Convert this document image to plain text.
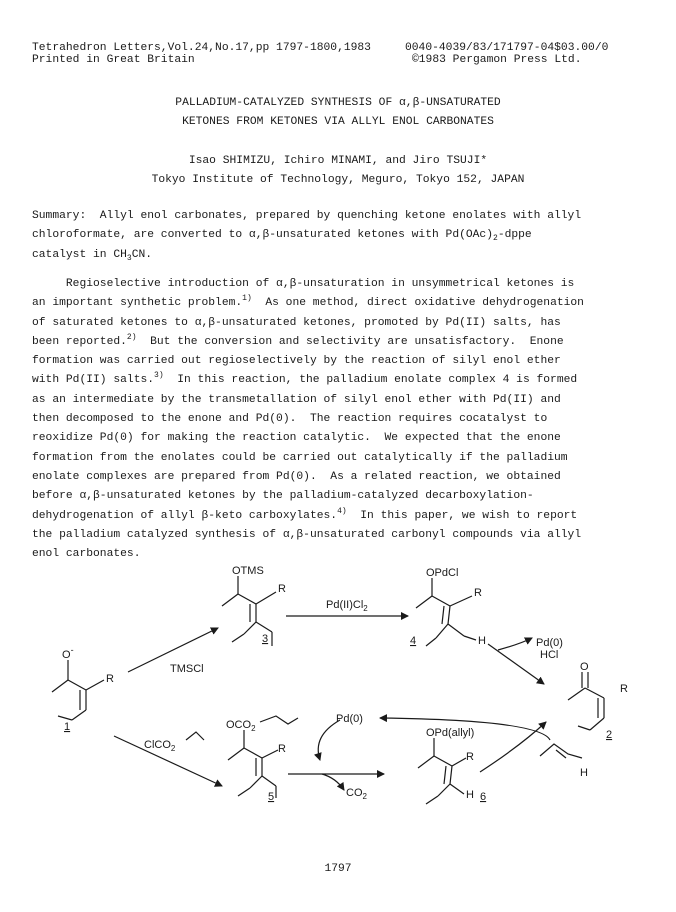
Tetrahedron Letters,Vol.24,No.17,pp 1797-1800,1983
Printed in Great Britain
0040-4039/83/171797-04$03.00/0
©1983 Pergamon Press Ltd.
PALLADIUM-CATALYZED SYNTHESIS OF α,β-UNSATURATED
KETONES FROM KETONES VIA ALLYL ENOL CARBONATES
Isao SHIMIZU, Ichiro MINAMI, and Jiro TSUJI*
Tokyo Institute of Technology, Meguro, Tokyo 152, JAPAN
Summary:  Allyl enol carbonates, prepared by quenching ketone enolates with allyl
chloroformate, are converted to α,β-unsaturated ketones with $Pd(OAc)_2$-dppe
catalyst in $CH_3CN$.
Regioselective introduction of α,β-unsaturation in unsymmetrical ketones is
an important synthetic problem.$^{1)}$  As one method, direct oxidative dehydrogenation
of saturated ketones to α,β-unsaturated ketones, promoted by Pd(II) salts, has
been reported.$^{2)}$  But the conversion and selectivity are unsatisfactory.  Enone
formation was carried out regioselectively by the reaction of silyl enol ether
with Pd(II) salts.$^{3)}$  In this reaction, the palladium enolate complex 4 is formed
as an intermediate by the transmetallation of silyl enol ether with Pd(II) and
then decomposed to the enone and Pd(0).  The reaction requires cocatalyst to
reoxidize Pd(0) for making the reaction catalytic.  We expected that the enone
formation from the enolates could be carried out catalytically if the palladium
enolate complexes are prepared from Pd(0).  As a related reaction, we obtained
before α,β-unsaturated ketones by the palladium-catalyzed decarboxylation-
dehydrogenation of allyl β-keto carboxylates.$^{4)}$  In this paper, we wish to report
the palladium catalyzed synthesis of α,β-unsaturated carbonyl compounds via allyl
enol carbonates.
OTMS
R
$Pd(II)Cl_2$
3
OPdCl
R
H
4	Pd(0)
HCl
O-
R
TMSCl
1
O
R
2
H
ClCO$_2$
$OCO_2$
R
5
Pd(0)
$CO_2$
OPd(allyl)
R
H 6
1797
